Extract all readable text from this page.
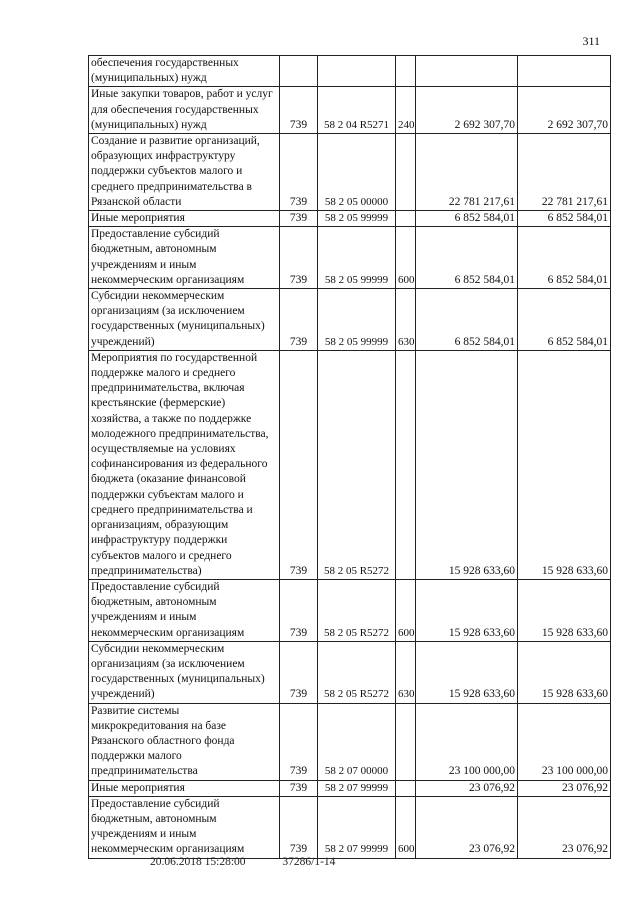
311
обеспечения государственных (муниципальных) нужд					
Иные закупки товаров, работ и услуг для обеспечения государственных (муниципальных) нужд	739	58 2 04 R5271	240	2 692 307,70	2 692 307,70
Создание и развитие организаций, образующих инфраструктуру поддержки субъектов малого и среднего предпринимательства в Рязанской области	739	58 2 05 00000		22 781 217,61	22 781 217,61
Иные мероприятия	739	58 2 05 99999		6 852 584,01	6 852 584,01
Предоставление субсидий бюджетным, автономным учреждениям и иным некоммерческим организациям	739	58 2 05 99999	600	6 852 584,01	6 852 584,01
Субсидии некоммерческим организациям (за исключением государственных (муниципальных) учреждений)	739	58 2 05 99999	630	6 852 584,01	6 852 584,01
Мероприятия по государственной поддержке малого и среднего предпринимательства, включая крестьянские (фермерские) хозяйства, а также по поддержке молодежного предпринимательства, осуществляемые на условиях софинансирования из федерального бюджета (оказание финансовой поддержки субъектам малого и среднего предпринимательства и организациям, образующим инфраструктуру поддержки субъектов малого и среднего предпринимательства)	739	58 2 05 R5272		15 928 633,60	15 928 633,60
Предоставление субсидий бюджетным, автономным учреждениям и иным некоммерческим организациям	739	58 2 05 R5272	600	15 928 633,60	15 928 633,60
Субсидии некоммерческим организациям (за исключением государственных (муниципальных) учреждений)	739	58 2 05 R5272	630	15 928 633,60	15 928 633,60
Развитие системы микрокредитования на базе Рязанского областного фонда поддержки малого предпринимательства	739	58 2 07 00000		23 100 000,00	23 100 000,00
Иные мероприятия	739	58 2 07 99999		23 076,92	23 076,92
Предоставление субсидий бюджетным, автономным учреждениям и иным некоммерческим организациям	739	58 2 07 99999	600	23 076,92	23 076,92
20.06.2018 15:28:00	37286/1-14
